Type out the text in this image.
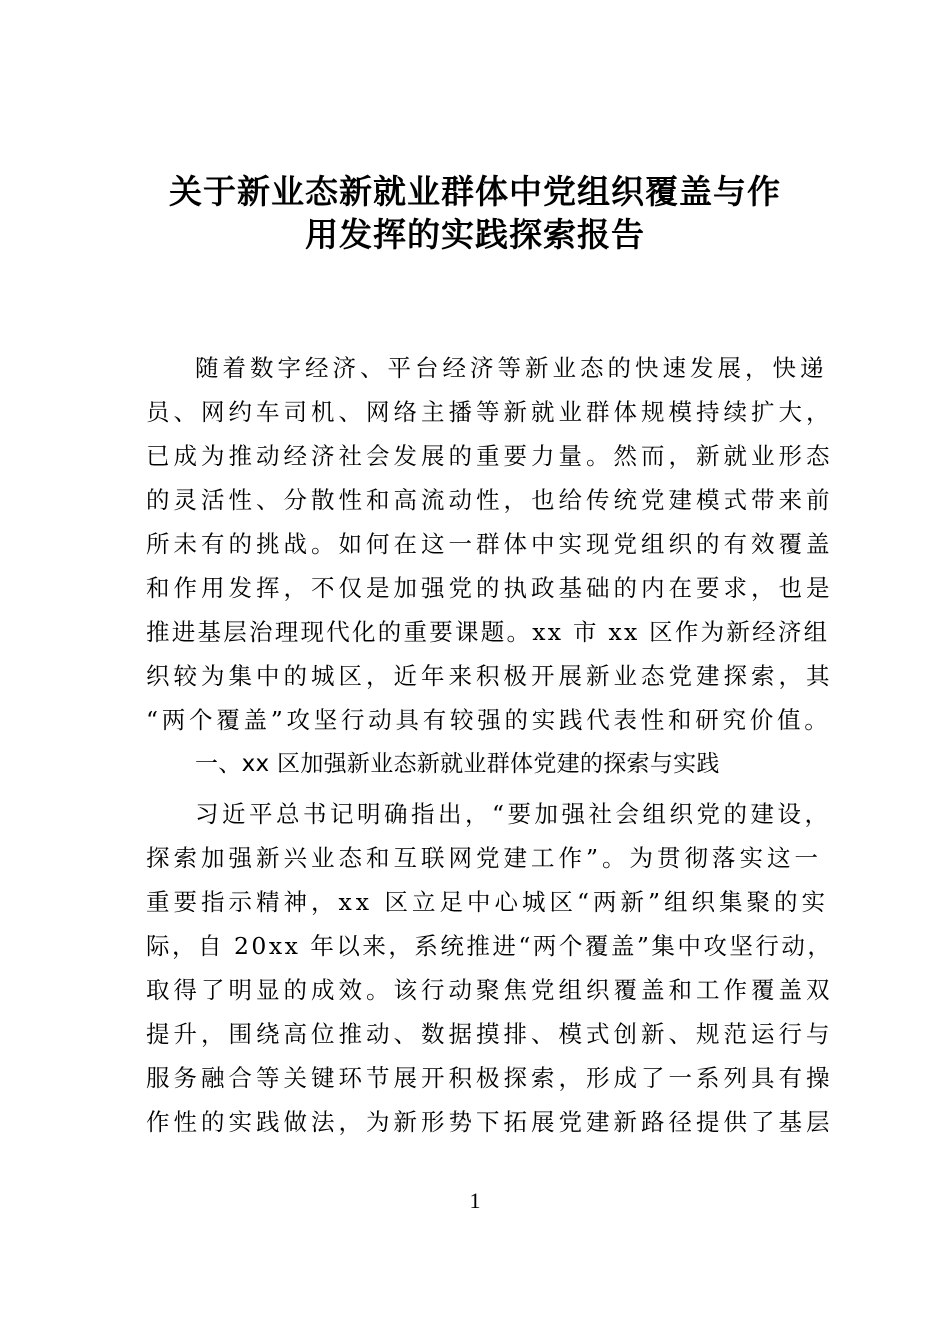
关于新业态新就业群体中党组织覆盖与作
用发挥的实践探索报告
随着数字经济、平台经济等新业态的快速发展，快递
员、网约车司机、网络主播等新就业群体规模持续扩大，
已成为推动经济社会发展的重要力量。然而，新就业形态
的灵活性、分散性和高流动性，也给传统党建模式带来前
所未有的挑战。如何在这一群体中实现党组织的有效覆盖
和作用发挥，不仅是加强党的执政基础的内在要求，也是
推进基层治理现代化的重要课题。xx 市 xx 区作为新经济组
织较为集中的城区，近年来积极开展新业态党建探索，其
“两个覆盖”攻坚行动具有较强的实践代表性和研究价值。
一、xx 区加强新业态新就业群体党建的探索与实践
习近平总书记明确指出，“要加强社会组织党的建设，
探索加强新兴业态和互联网党建工作”。为贯彻落实这一
重要指示精神，xx 区立足中心城区“两新”组织集聚的实
际，自 20xx 年以来，系统推进“两个覆盖”集中攻坚行动，
取得了明显的成效。该行动聚焦党组织覆盖和工作覆盖双
提升，围绕高位推动、数据摸排、模式创新、规范运行与
服务融合等关键环节展开积极探索，形成了一系列具有操
作性的实践做法，为新形势下拓展党建新路径提供了基层
1
